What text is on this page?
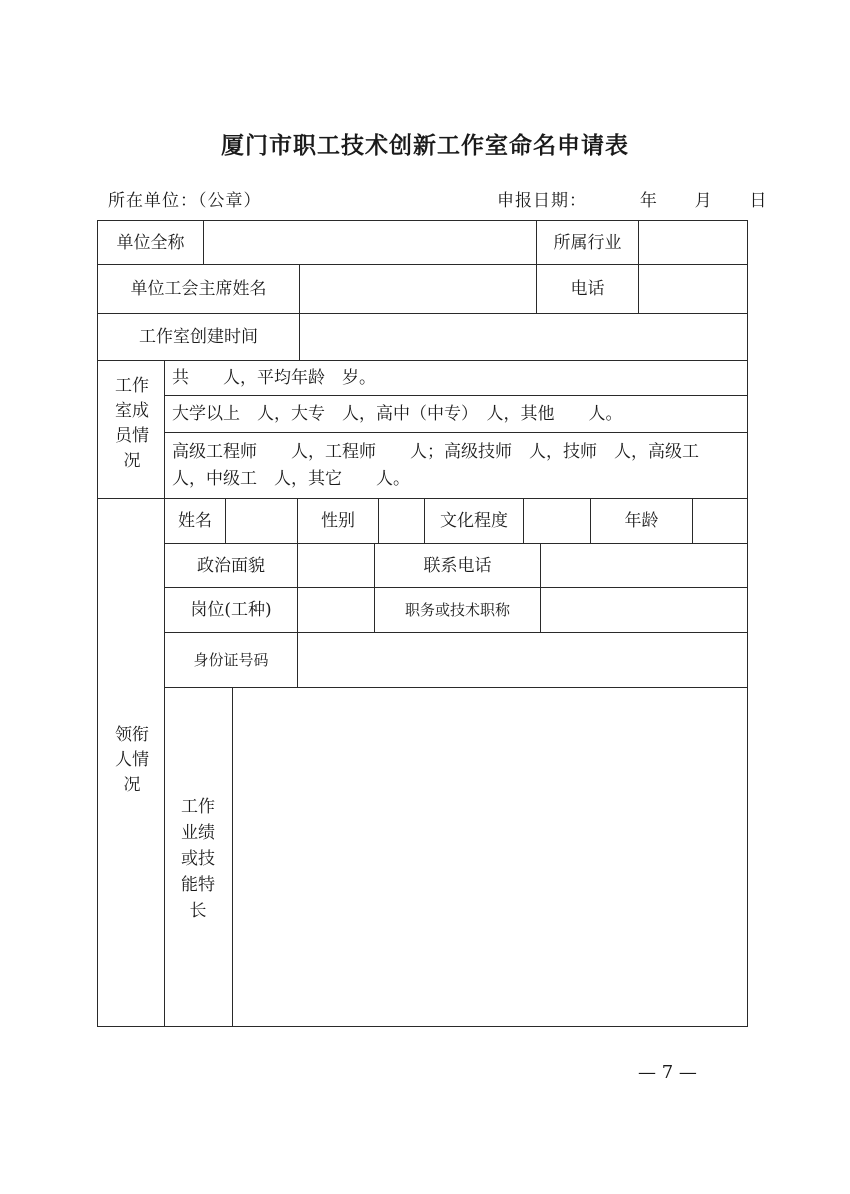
厦门市职工技术创新工作室命名申请表
所在单位：（公章）	申报日期：	年 月 日
单位全称	所属行业
单位工会主席姓名	电话
工作室创建时间
工作室成员情况
共　　人，平均年龄　岁。
大学以上　人，大专　人，高中（中专）　人，其他　　人。
高级工程师　　人，工程师　　人；高级技师　人，技师　人，高级工　人，中级工　人，其它　　人。
领衔人情况
姓名	性别	文化程度	年龄
政治面貌	联系电话
岗位(工种)	职务或技术职称
身份证号码
工作业绩或技能特长
— 7 —
